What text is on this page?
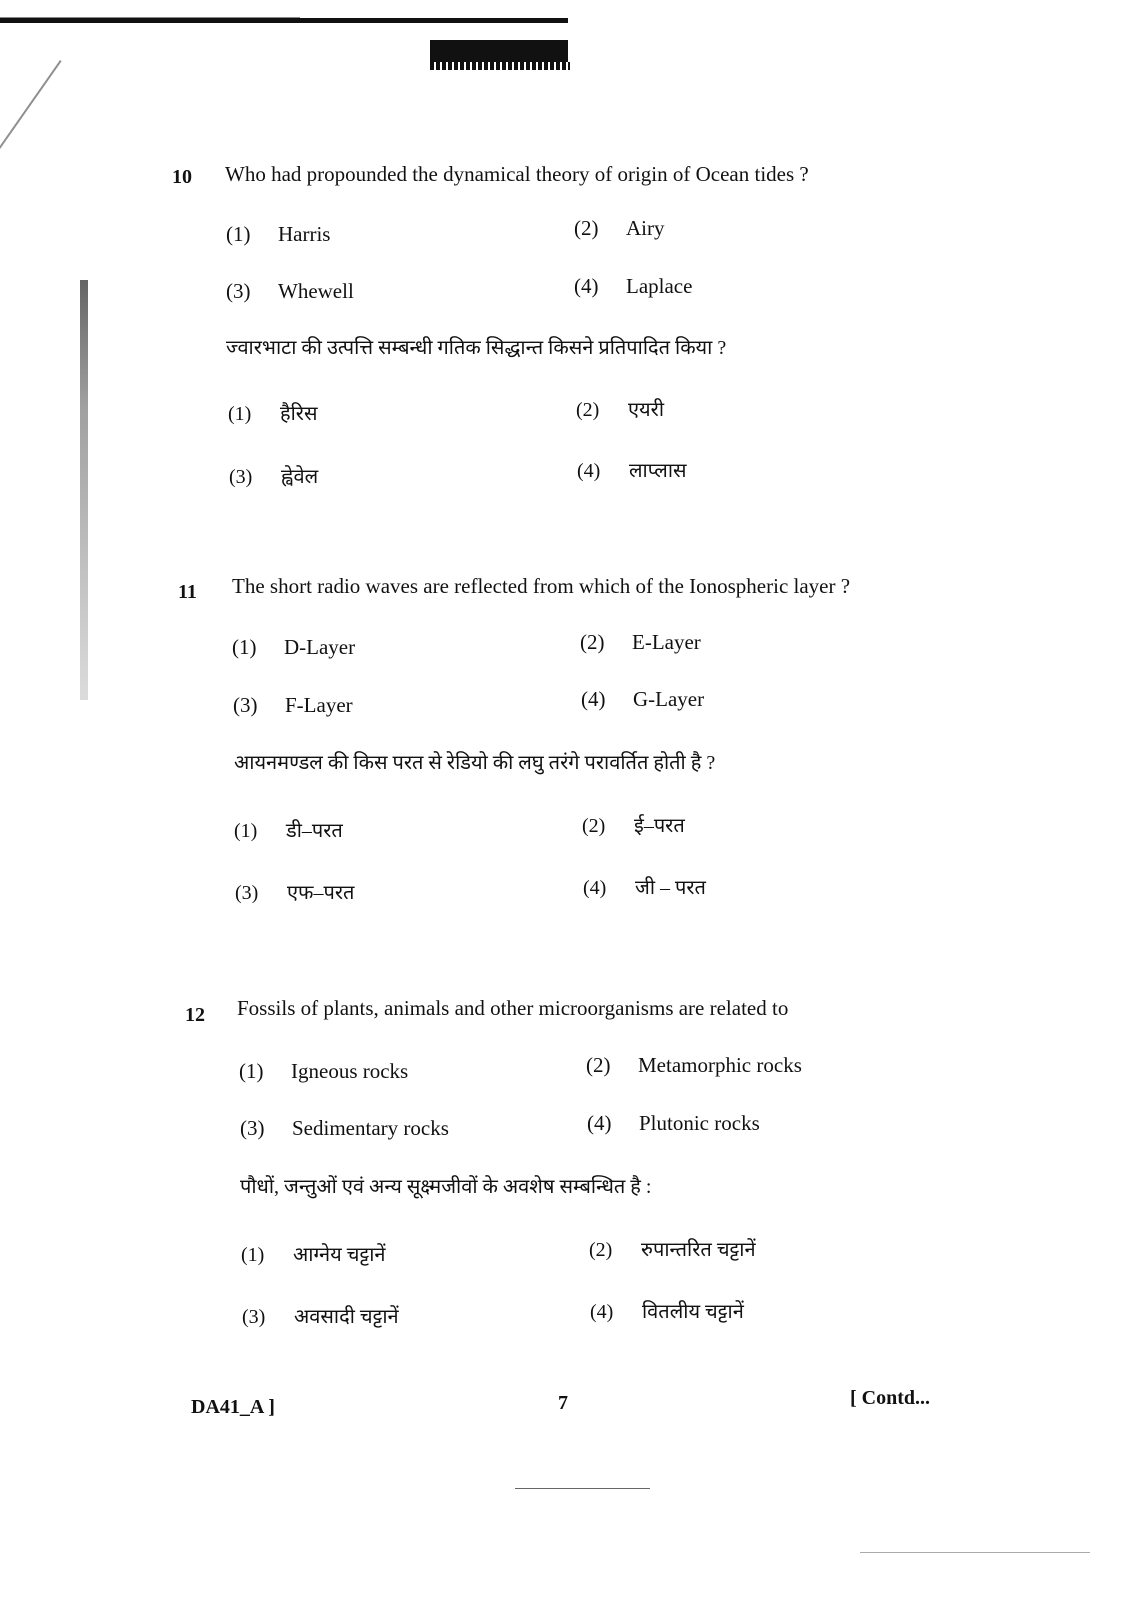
10 Who had propounded the dynamical theory of origin of Ocean tides ?
(1) Harris	(2) Airy
(3) Whewell	(4) Laplace
ज्वारभाटा की उत्पत्ति सम्बन्धी गतिक सिद्धान्त किसने प्रतिपादित किया ?
(1) हैरिस	(2) एयरी
(3) ह्वेवेल	(4) लाप्लास
11 The short radio waves are reflected from which of the Ionospheric layer ?
(1) D-Layer	(2) E-Layer
(3) F-Layer	(4) G-Layer
आयनमण्डल की किस परत से रेडियो की लघु तरंगे परावर्तित होती है ?
(1) डी–परत	(2) ई–परत
(3) एफ–परत	(4) जी – परत
12 Fossils of plants, animals and other microorganisms are related to
(1) Igneous rocks	(2) Metamorphic rocks
(3) Sedimentary rocks	(4) Plutonic rocks
पौधों, जन्तुओं एवं अन्य सूक्ष्मजीवों के अवशेष सम्बन्धित है :
(1) आग्नेय चट्टानें	(2) रुपान्तरित चट्टानें
(3) अवसादी चट्टानें	(4) वितलीय चट्टानें
DA41_A ]	7	[ Contd...
